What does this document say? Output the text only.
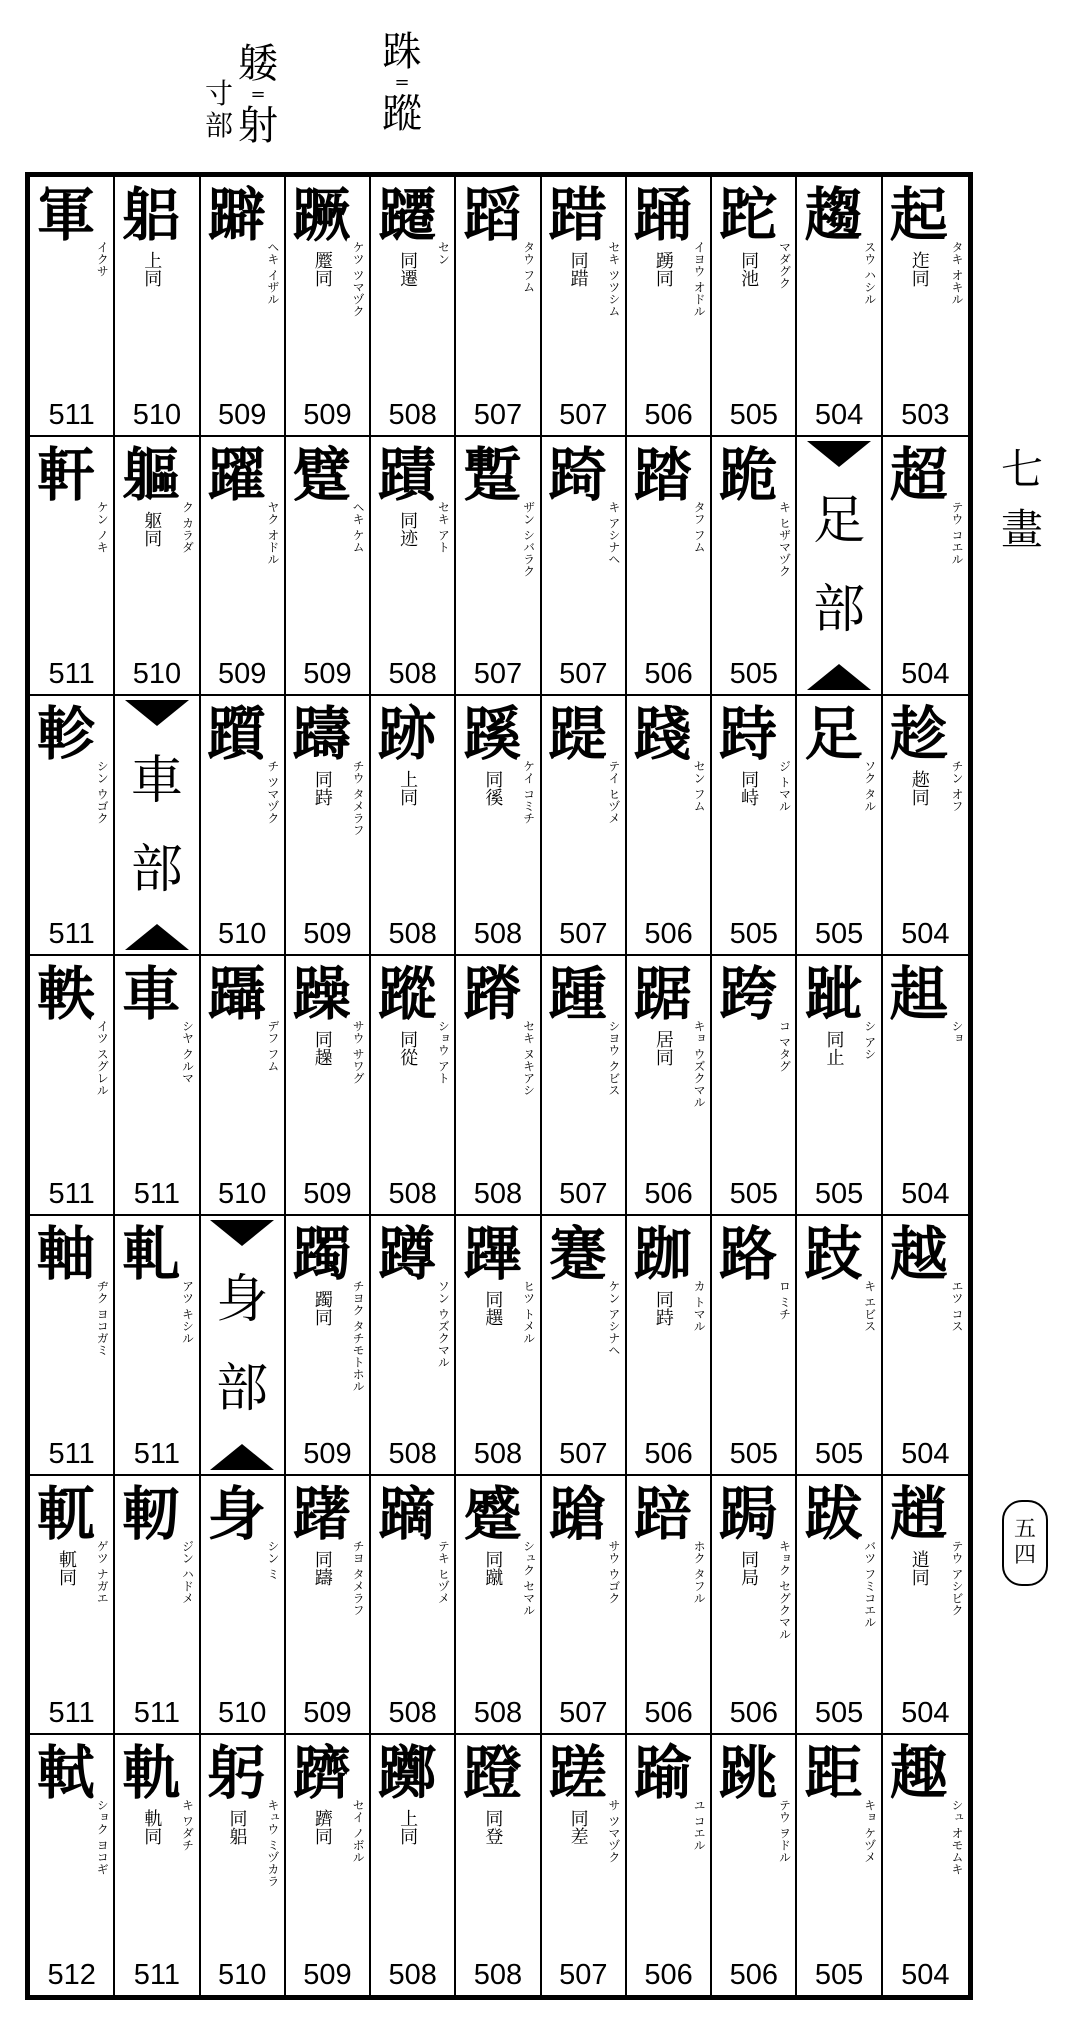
跦
=
蹤
躷
=
射
寸
部
七
畫
五
四
軍
イクサ
511
躳
上同
510
躃
ヘキ イザル
509
蹶
ケツ ツマヅク
蹷同
509
躚
セン
同遷
508
蹈
タウ フム
507
踖
セキ ツツシム
同踖
507
踊
イヨウ オドル
踴同
506
跎
マダグク
同池
505
趨
スウ ハシル
504
起
タキ オキル
迮同
503
軒
ケン ノキ
511
軀
ク カラダ
躯同
510
躍
ヤク オドル
509
躄
ヘキ ケム
509
蹟
セキ アト
同迹
508
蹔
ザン シバラク
507
踦
キ アシナヘ
507
踏
タフ フム
506
跪
キ ヒザマヅク
505
足
部
超
テウ コエル
504
軫
シン ウゴク
511
車
部
躓
チ ツマヅク
510
躊
チウ タメラフ
同跱
509
跡
上同
508
蹊
ケイ コミチ
同徯
508
踶
テイ ヒヅメ
507
踐
セン フム
506
跱
ジ トマル
同峙
505
足
ソク タル
505
趁
チン オフ
趂同
504
軼
イツ スグレル
511
車
シヤ クルマ
511
躡
デフ フム
510
躁
サウ サワグ
同趮
509
蹤
ショウ アト
同從
508
蹐
セキ ヌキアシ
508
踵
シヨウ クビス
507
踞
キョ ウズクマル
居同
506
跨
コ マタグ
505
跐
シ アシ
同止
505
趄
ショ
504
軸
ヂク ヨコガミ
511
軋
アツ キシル
511
身
部
躅
チヨク タチモトホル
躅同
509
蹲
ソン ウズクマル
508
蹕
ヒツ トメル
同趩
508
蹇
ケン アシナヘ
507
跏
カ トマル
同跱
506
路
ロ ミチ
505
跂
キ エビス
505
越
エツ コス
504
軏
ゲツ ナガエ
軏同
511
軔
ジン ハドメ
511
身
シン ミ
510
躇
チヨ タメラフ
同躊
509
蹢
テキ ヒヅメ
508
蹙
シュク セマル
同蹴
508
蹌
サウ ウゴク
507
踣
ホク タフル
506
跼
キョク セグクマル
同局
506
跋
バツ フミコエル
505
趙
テウ アシビク
逍同
504
軾
ショク ヨコギ
512
軌
キ ワダチ
軌同
511
躬
キュウ ミヅカラ
同躳
510
躋
セイ ノボル
躋同
509
躑
上同
508
蹬
同登
508
蹉
サ ツマヅク
同差
507
踰
ユ コエル
506
跳
テウ ヲドル
506
距
キョ ケヅメ
505
趣
シュ オモムキ
504
